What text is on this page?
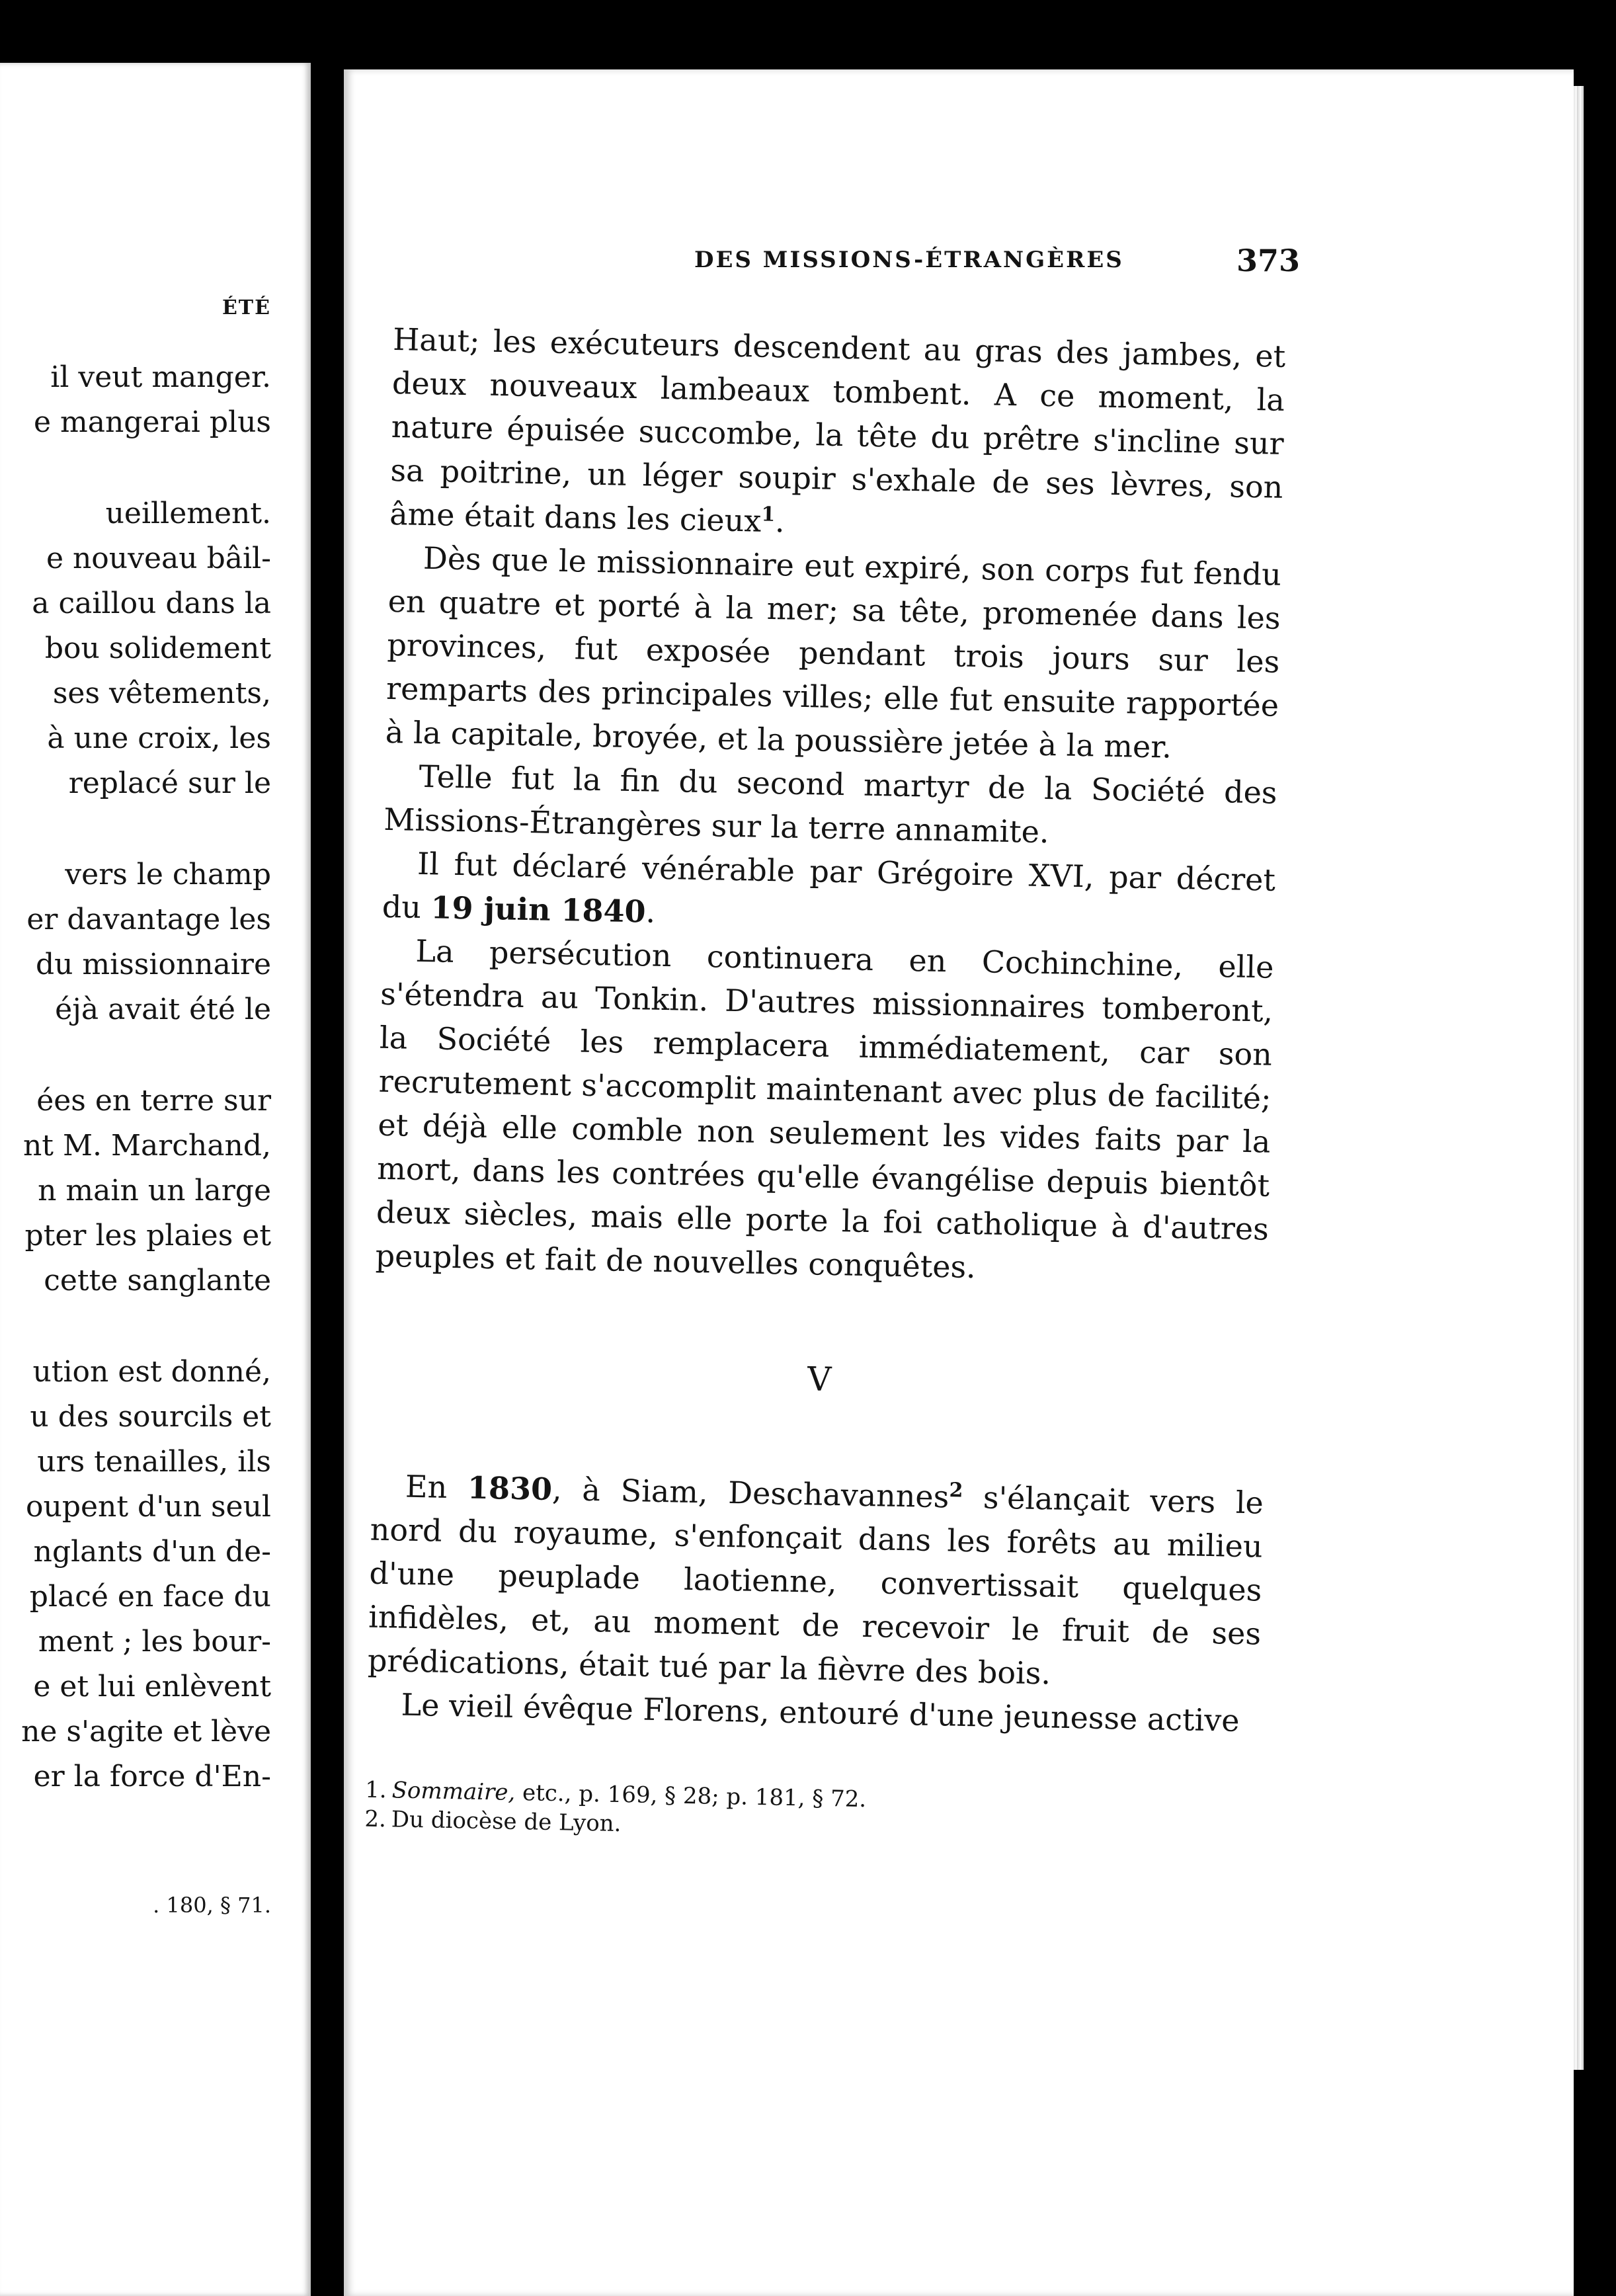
ÉTÉ
il veut manger.
e mangerai plus
ueillement.
e nouveau bâil-
a caillou dans la
bou solidement
ses vêtements,
à une croix, les
replacé sur le
vers le champ
er davantage les
du missionnaire
éjà avait été le
ées en terre sur
nt M. Marchand,
n main un large
pter les plaies et
cette sanglante
ution est donné,
u des sourcils et
urs tenailles, ils
oupent d'un seul
nglants d'un de-
placé en face du
ment ; les bour-
e et lui enlèvent
ne s'agite et lève
er la force d'En-
. 180, § 71.
DES MISSIONS-ÉTRANGÈRES	373

Haut; les exécuteurs descendent au gras des jambes, et deux nouveaux lambeaux tombent. A ce moment, la nature épuisée succombe, la tête du prêtre s'incline sur sa poitrine, un léger soupir s'exhale de ses lèvres, son âme était dans les cieux$^1$.

Dès que le missionnaire eut expiré, son corps fut fendu en quatre et porté à la mer; sa tête, promenée dans les provinces, fut exposée pendant trois jours sur les remparts des principales villes; elle fut ensuite rapportée à la capitale, broyée, et la poussière jetée à la mer.

Telle fut la fin du second martyr de la Société des Missions-Étrangères sur la terre annamite.

Il fut déclaré vénérable par Grégoire XVI, par décret du 19 juin 1840.

La persécution continuera en Cochinchine, elle s'étendra au Tonkin. D'autres missionnaires tomberont, la Société les remplacera immédiatement, car son recrutement s'accomplit maintenant avec plus de facilité; et déjà elle comble non seulement les vides faits par la mort, dans les contrées qu'elle évangélise depuis bientôt deux siècles, mais elle porte la foi catholique à d'autres peuples et fait de nouvelles conquêtes.

V

En 1830, à Siam, Deschavannes$^2$ s'élançait vers le nord du royaume, s'enfonçait dans les forêts au milieu d'une peuplade laotienne, convertissait quelques infidèles, et, au moment de recevoir le fruit de ses prédications, était tué par la fièvre des bois.

Le vieil évêque Florens, entouré d'une jeunesse active

1. Sommaire, etc., p. 169, § 28; p. 181, § 72.

2. Du diocèse de Lyon.
